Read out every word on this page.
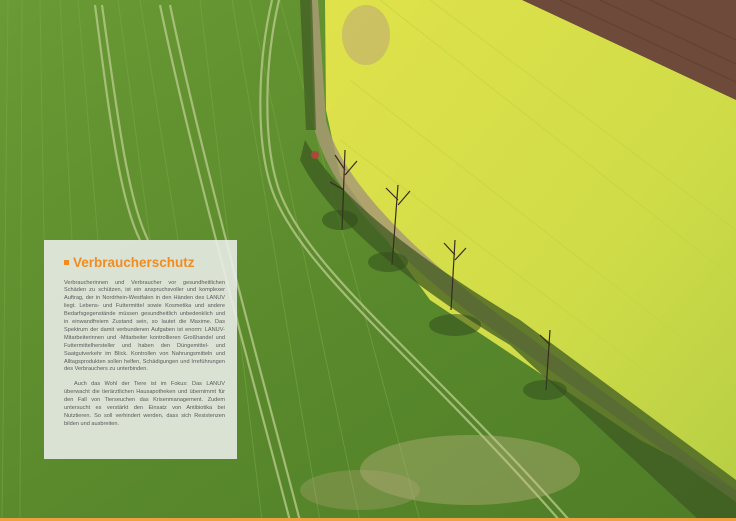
Verbraucherschutz

Verbraucherinnen und Verbraucher vor gesundheitlichen Schäden zu schützen, ist ein anspruchsvoller und komplexer Auftrag, der in Nordrhein-Westfalen in den Händen des LANUV liegt. Lebens- und Futtermittel sowie Kosmetika und andere Bedarfsgegenstände müssen gesundheitlich unbedenklich und in einwandfreiem Zustand sein, so lautet die Maxime. Das Spektrum der damit verbundenen Aufgaben ist enorm: LANUV-Mitarbeiterinnen und -Mitarbeiter kontrollieren Großhandel und Futtermittelhersteller und haben den Düngemittel- und Saatgutverkehr im Blick. Kontrollen von Nahrungsmitteln und Alltagsprodukten sollen helfen, Schädigungen und Irreführungen des Verbrauchers zu unterbinden.

Auch das Wohl der Tiere ist im Fokus: Das LANUV überwacht die tierärztlichen Hausapotheken und übernimmt für den Fall von Tierseuchen das Krisenmanagement. Zudem untersucht es verstärkt den Einsatz von Antibiotika bei Nutztieren. So soll verhindert werden, dass sich Resistenzen bilden und ausbreiten.
